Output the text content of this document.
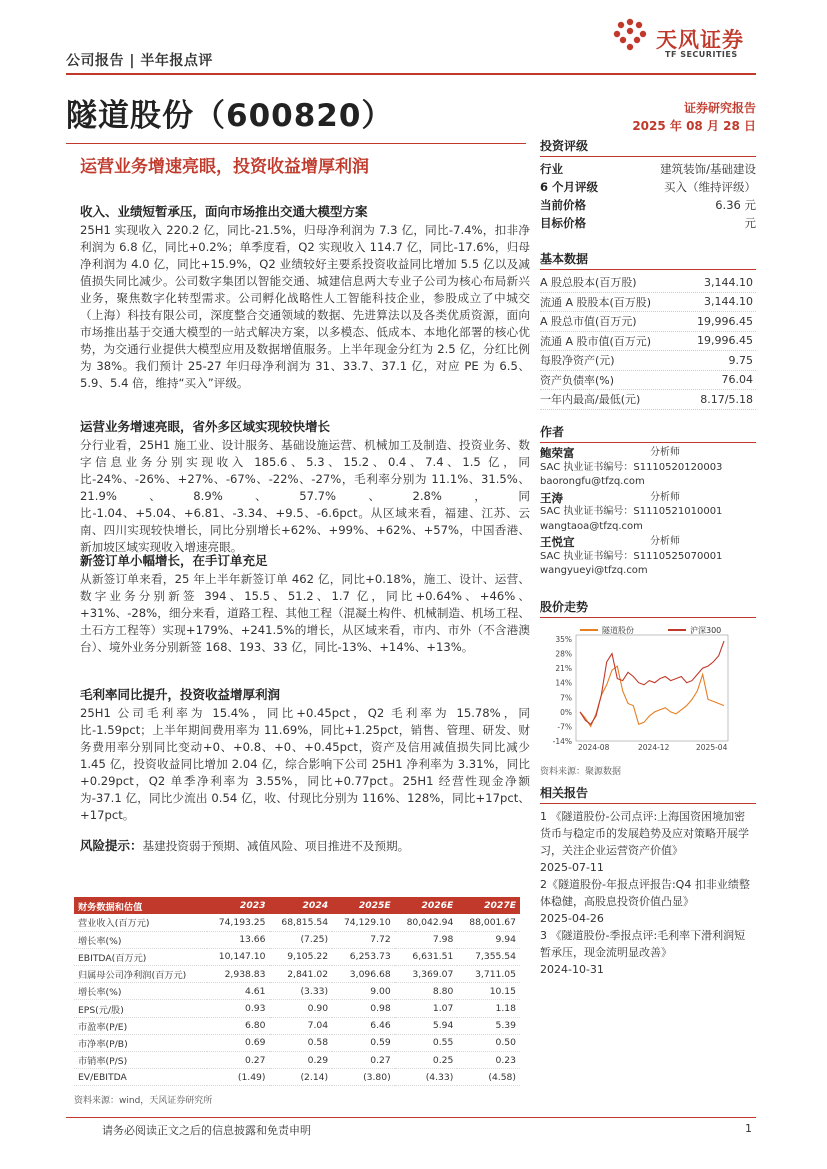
公司报告 | 半年报点评
天风证券
TF SECURITIES
隧道股份（600820）
运营业务增速亮眼，投资收益增厚利润
证券研究报告
2025 年 08 月 28 日
收入、业绩短暂承压，面向市场推出交通大模型方案

25H1 实现收入 220.2 亿，同比-21.5%，归母净利润为 7.3 亿，同比-7.4%，扣非净利润为 6.8 亿，同比+0.2%；单季度看，Q2 实现收入 114.7 亿，同比-17.6%，归母净利润为 4.0 亿，同比+15.9%，Q2 业绩较好主要系投资收益同比增加 5.5 亿以及减值损失同比减少。公司数字集团以智能交通、城建信息两大专业子公司为核心布局新兴业务，聚焦数字化转型需求。公司孵化战略性人工智能科技企业，参股成立了中城交（上海）科技有限公司，深度整合交通领域的数据、先进算法以及各类优质资源，面向市场推出基于交通大模型的一站式解决方案，以多模态、低成本、本地化部署的核心优势，为交通行业提供大模型应用及数据增值服务。上半年现金分红为 2.5 亿，分红比例为 38%。我们预计 25-27 年归母净利润为 31、33.7、37.1 亿，对应 PE 为 6.5、5.9、5.4 倍，维持“买入”评级。

运营业务增速亮眼，省外多区域实现较快增长

分行业看，25H1 施工业、设计服务、基础设施运营、机械加工及制造、投资业务、数字信息业务分别实现收入 185.6、5.3、15.2、0.4、7.4、1.5 亿，同比-24%、-26%、+27%、-67%、-22%、-27%，毛利率分别为 11.1%、31.5%、21.9%、8.9%、57.7%、2.8%，同比-1.04、+5.04、+6.81、-3.34、+9.5、-6.6pct。从区域来看，福建、江苏、云南、四川实现较快增长，同比分别增长+62%、+99%、+62%、+57%，中国香港、新加坡区域实现收入增速亮眼。

新签订单小幅增长，在手订单充足

从新签订单来看，25 年上半年新签订单 462 亿，同比+0.18%，施工、设计、运营、数字业务分别新签 394、15.5、51.2、1.7 亿，同比+0.64%、+46%、+31%、-28%，细分来看，道路工程、其他工程（混凝土构件、机械制造、机场工程、土石方工程等）实现+179%、+241.5%的增长，从区域来看，市内、市外（不含港澳台）、境外业务分别新签 168、193、33 亿，同比-13%、+14%、+13%。

毛利率同比提升，投资收益增厚利润

25H1 公司毛利率为 15.4%，同比+0.45pct，Q2 毛利率为 15.78%，同比-1.59pct；上半年期间费用率为 11.69%，同比+1.25pct，销售、管理、研发、财务费用率分别同比变动+0、+0.8、+0、+0.45pct，资产及信用减值损失同比减少 1.45 亿，投资收益同比增加 2.04 亿，综合影响下公司 25H1 净利率为 3.31%，同比+0.29pct，Q2 单季净利率为 3.55%，同比+0.77pct。25H1 经营性现金净额为-37.1 亿，同比少流出 0.54 亿，收、付现比分别为 116%、128%，同比+17pct、+17pct。

风险提示：基建投资弱于预期、减值风险、项目推进不及预期。
财务数据和估值	2023	2024	2025E	2026E	2027E
营业收入(百万元)	74,193.25	68,815.54	74,129.10	80,042.94	88,001.67
增长率(%)	13.66	(7.25)	7.72	7.98	9.94
EBITDA(百万元)	10,147.10	9,105.22	6,253.73	6,631.51	7,355.54
归属母公司净利润(百万元)	2,938.83	2,841.02	3,096.68	3,369.07	3,711.05
增长率(%)	4.61	(3.33)	9.00	8.80	10.15
EPS(元/股)	0.93	0.90	0.98	1.07	1.18
市盈率(P/E)	6.80	7.04	6.46	5.94	5.39
市净率(P/B)	0.69	0.58	0.59	0.55	0.50
市销率(P/S)	0.27	0.29	0.27	0.25	0.23
EV/EBITDA	(1.49)	(2.14)	(3.80)	(4.33)	(4.58)
资料来源：wind，天风证券研究所
投资评级
行业	建筑装饰/基础建设
6 个月评级	买入（维持评级）
当前价格	6.36 元
目标价格	元
基本数据
A 股总股本(百万股)	3,144.10
流通 A 股股本(百万股)	3,144.10
A 股总市值(百万元)	19,996.45
流通 A 股市值(百万元)	19,996.45
每股净资产(元)	9.75
资产负债率(%)	76.04
一年内最高/最低(元)	8.17/5.18
作者
鲍荣富	分析师
SAC 执业证书编号：S1110520120003
baorongfu@tfzq.com
王涛	分析师
SAC 执业证书编号：S1110521010001
wangtaoa@tfzq.com
王悦宜	分析师
SAC 执业证书编号：S1110525070001
wangyueyi@tfzq.com
股价走势
35%
28%
21%
14%
7%
0%
-7%
-14%
2024-08	2024-12	2025-04
隧道股份	沪深300
资料来源：聚源数据
相关报告
1 《隧道股份-公司点评:上海国资困境加密货币与稳定币的发展趋势及应对策略开展学习，关注企业运营资产价值》
2025-07-11
2《隧道股份-年报点评报告:Q4 扣非业绩整体稳健，高股息投资价值凸显》
2025-04-26
3 《隧道股份-季报点评:毛利率下滑利润短暂承压，现金流明显改善》
2024-10-31
请务必阅读正文之后的信息披露和免责申明	1
